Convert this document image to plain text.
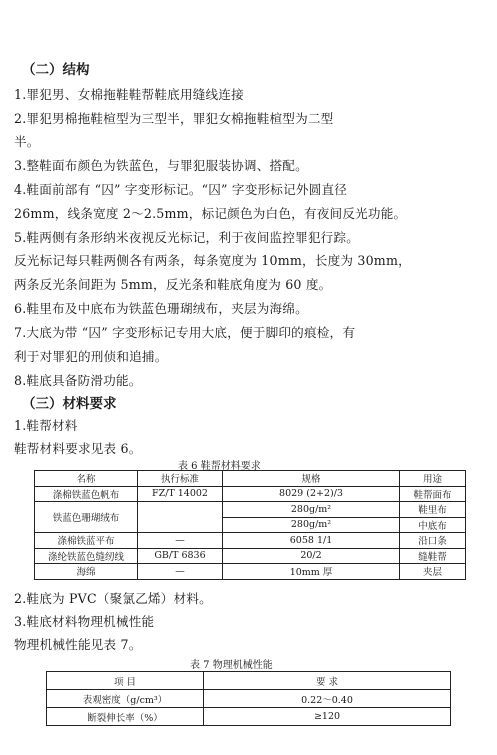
（二）结构
1.罪犯男、女棉拖鞋鞋帮鞋底用缝线连接
2.罪犯男棉拖鞋楦型为三型半，罪犯女棉拖鞋楦型为二型
半。
3.整鞋面布颜色为铁蓝色，与罪犯服装协调、搭配。
4.鞋面前部有 “囚” 字变形标记。“囚” 字变形标记外圆直径
26mm，线条宽度 2～2.5mm，标记颜色为白色，有夜间反光功能。
5.鞋两侧有条形纳米夜视反光标记，利于夜间监控罪犯行踪。
反光标记每只鞋两侧各有两条，每条宽度为 10mm，长度为 30mm，
两条反光条间距为 5mm，反光条和鞋底角度为 60 度。
6.鞋里布及中底布为铁蓝色珊瑚绒布，夹层为海绵。
7.大底为带 “囚” 字变形标记专用大底，便于脚印的痕检，有
利于对罪犯的刑侦和追捕。
8.鞋底具备防滑功能。
（三）材料要求
1.鞋帮材料
鞋帮材料要求见表 6。
表 6 鞋帮材料要求
名称	执行标准	规格	用途
涤棉铁蓝色帆布	FZ/T 14002	8029 (2+2)/3	鞋帮面布
铁蓝色珊瑚绒布		280g/m²	鞋里布
		280g/m²	中底布
涤棉铁蓝平布	—	6058 1/1	沿口条
涤纶铁蓝色缝纫线	GB/T 6836	20/2	缝鞋帮
海绵	—	10mm 厚	夹层
2.鞋底为 PVC（聚氯乙烯）材料。
3.鞋底材料物理机械性能
物理机械性能见表 7。
表 7 物理机械性能
项 目	要 求
表观密度（g/cm³）	0.22～0.40
断裂伸长率（%）	≥120
